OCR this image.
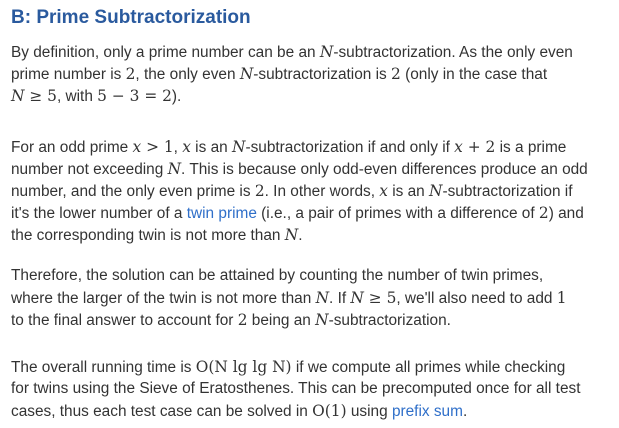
B: Prime Subtractorization
By definition, only a prime number can be an N-subtractorization. As the only even
prime number is 2, the only even N-subtractorization is 2 (only in the case that
N ≥ 5, with 5 − 3 = 2).
For an odd prime x > 1, x is an N-subtractorization if and only if x + 2 is a prime
number not exceeding N. This is because only odd-even differences produce an odd
number, and the only even prime is 2. In other words, x is an N-subtractorization if
it's the lower number of a twin prime (i.e., a pair of primes with a difference of 2) and
the corresponding twin is not more than N.
Therefore, the solution can be attained by counting the number of twin primes,
where the larger of the twin is not more than N. If N ≥ 5, we'll also need to add 1
to the final answer to account for 2 being an N-subtractorization.
The overall running time is O(N lg lg N) if we compute all primes while checking
for twins using the Sieve of Eratosthenes. This can be precomputed once for all test
cases, thus each test case can be solved in O(1) using prefix sum.
